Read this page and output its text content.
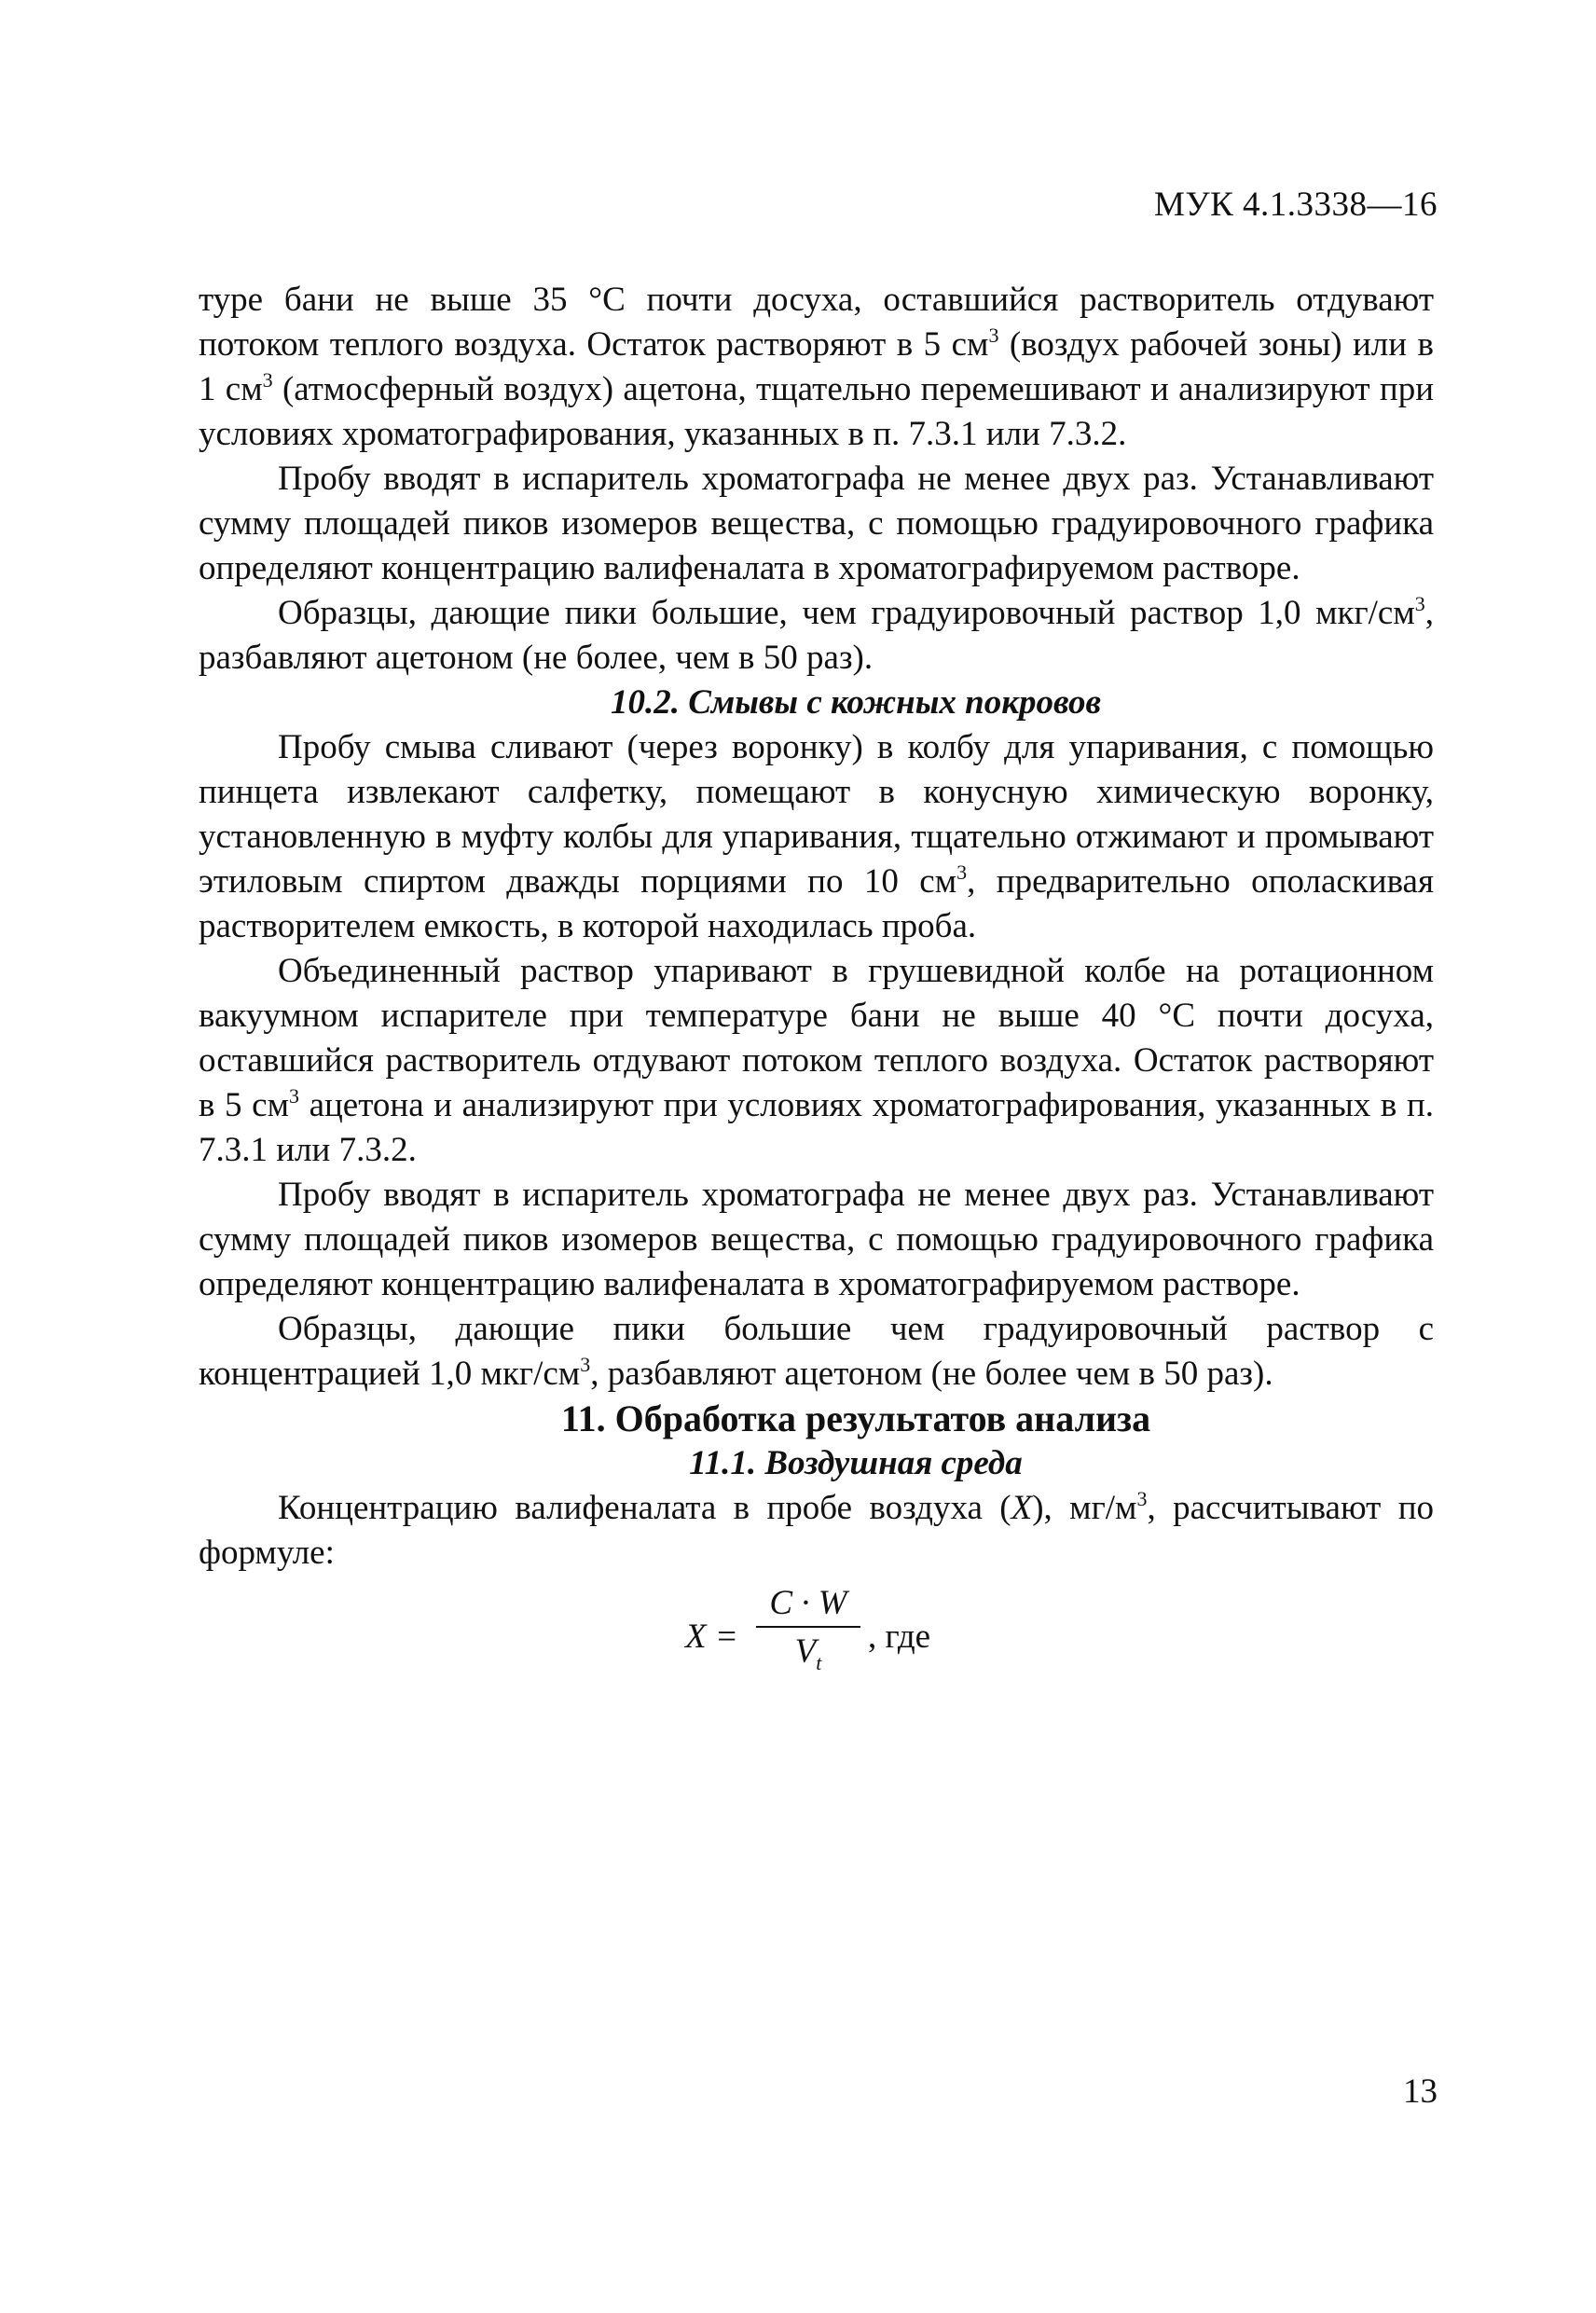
МУК 4.1.3338—16

туре бани не выше 35 °С почти досуха, оставшийся растворитель отдувают потоком теплого воздуха. Остаток растворяют в 5 $см^3$ (воздух рабочей зоны) или в 1 $см^3$ (атмосферный воздух) ацетона, тщательно перемешивают и анализируют при условиях хроматографирования, указанных в п. 7.3.1 или 7.3.2.

Пробу вводят в испаритель хроматографа не менее двух раз. Устанавливают сумму площадей пиков изомеров вещества, с помощью градуировочного графика определяют концентрацию валифеналата в хроматографируемом растворе.

Образцы, дающие пики большие, чем градуировочный раствор 1,0 мкг/$см^3$, разбавляют ацетоном (не более, чем в 50 раз).

10.2. Смывы с кожных покровов

Пробу смыва сливают (через воронку) в колбу для упаривания, с помощью пинцета извлекают салфетку, помещают в конусную химическую воронку, установленную в муфту колбы для упаривания, тщательно отжимают и промывают этиловым спиртом дважды порциями по 10 $см^3$, предварительно ополаскивая растворителем емкость, в которой находилась проба.

Объединенный раствор упаривают в грушевидной колбе на ротационном вакуумном испарителе при температуре бани не выше 40 °С почти досуха, оставшийся растворитель отдувают потоком теплого воздуха. Остаток растворяют в 5 $см^3$ ацетона и анализируют при условиях хроматографирования, указанных в п. 7.3.1 или 7.3.2.

Пробу вводят в испаритель хроматографа не менее двух раз. Устанавливают сумму площадей пиков изомеров вещества, с помощью градуировочного графика определяют концентрацию валифеналата в хроматографируемом растворе.

Образцы, дающие пики большие чем градуировочный раствор с концентрацией 1,0 мкг/$см^3$, разбавляют ацетоном (не более чем в 50 раз).

11. Обработка результатов анализа

11.1. Воздушная среда

Концентрацию валифеналата в пробе воздуха (X), $мг/м^3$, рассчитывают по формуле:

X =
C · W
$V_t$
, где
13
